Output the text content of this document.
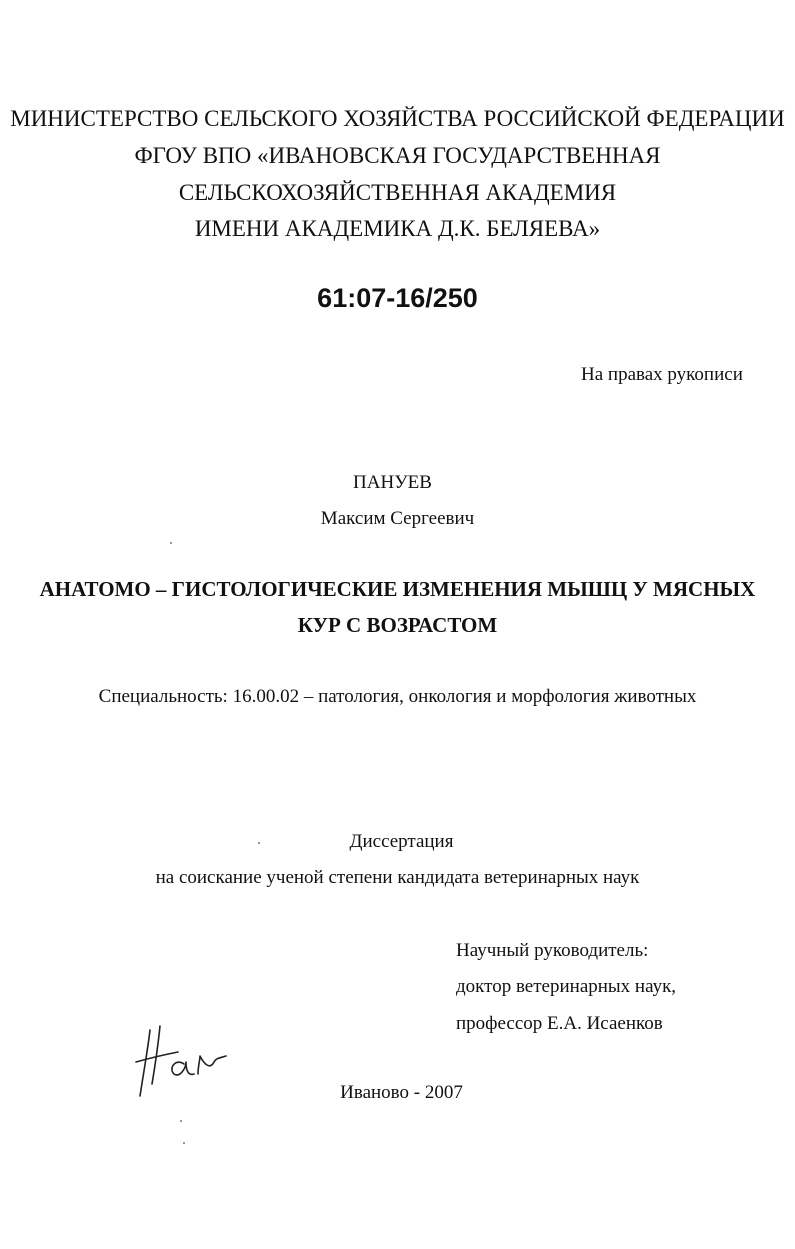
МИНИСТЕРСТВО СЕЛЬСКОГО ХОЗЯЙСТВА РОССИЙСКОЙ ФЕДЕРАЦИИ
ФГОУ ВПО «ИВАНОВСКАЯ ГОСУДАРСТВЕННАЯ
СЕЛЬСКОХОЗЯЙСТВЕННАЯ АКАДЕМИЯ
ИМЕНИ АКАДЕМИКА Д.К. БЕЛЯЕВА»
61:07-16/250
На правах рукописи
ПАНУЕВ
Максим Сергеевич
АНАТОМО – ГИСТОЛОГИЧЕСКИЕ ИЗМЕНЕНИЯ МЫШЦ У МЯСНЫХ
КУР С ВОЗРАСТОМ
Специальность: 16.00.02 – патология, онкология и морфология животных
Диссертация
на соискание ученой степени кандидата ветеринарных наук
Научный руководитель:
доктор ветеринарных наук,
профессор Е.А. Исаенков
Иваново - 2007
